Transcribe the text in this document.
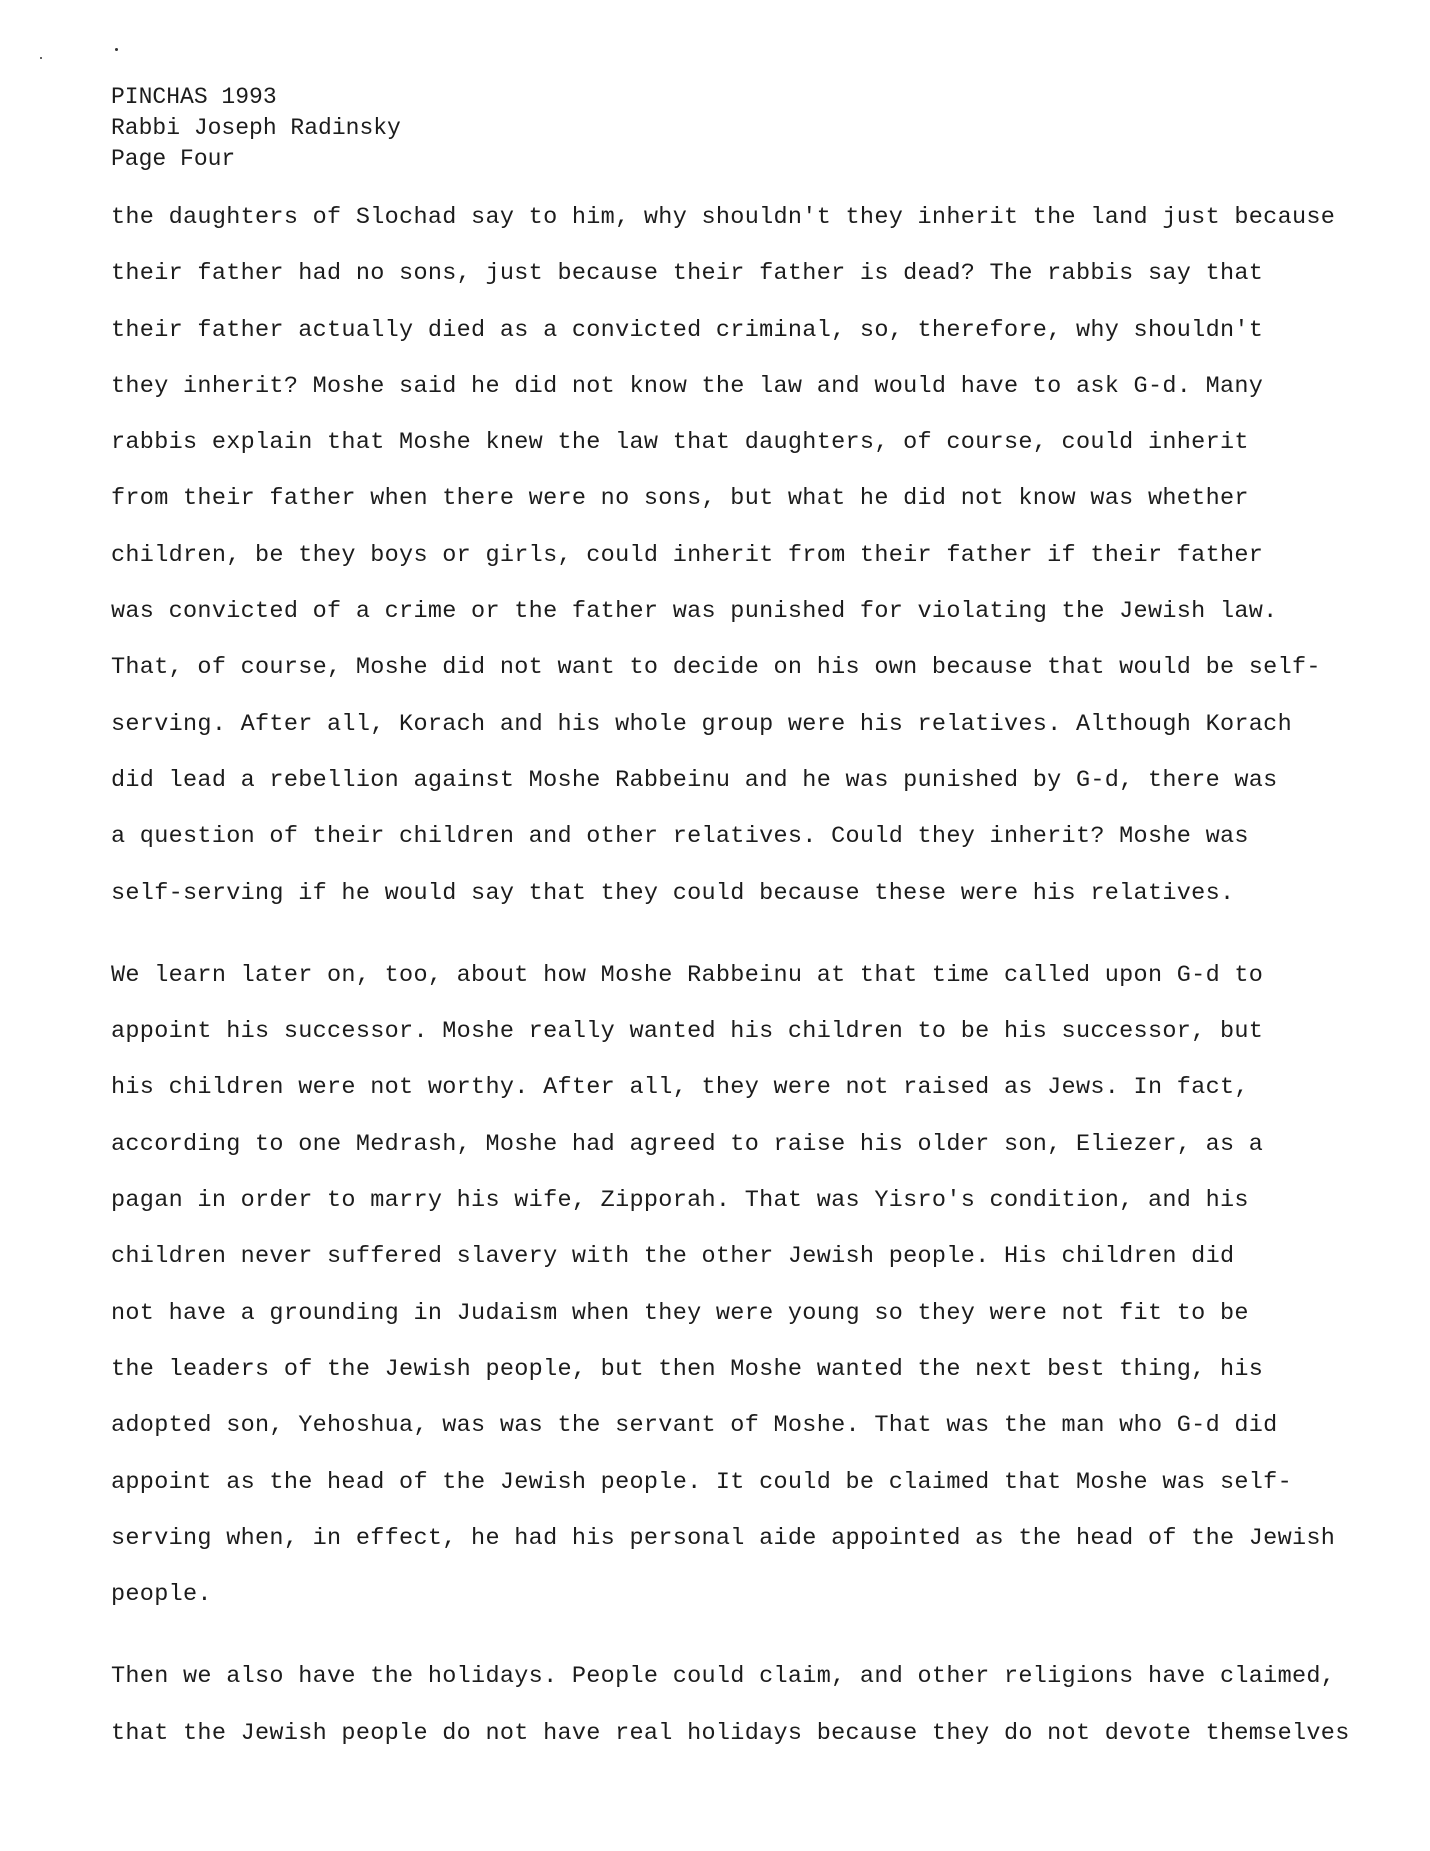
PINCHAS 1993
Rabbi Joseph Radinsky
Page Four
the daughters of Slochad say to him, why shouldn't they inherit the land just because
their father had no sons, just because their father is dead? The rabbis say that
their father actually died as a convicted criminal, so, therefore, why shouldn't
they inherit? Moshe said he did not know the law and would have to ask G-d. Many
rabbis explain that Moshe knew the law that daughters, of course, could inherit
from their father when there were no sons, but what he did not know was whether
children, be they boys or girls, could inherit from their father if their father
was convicted of a crime or the father was punished for violating the Jewish law.
That, of course, Moshe did not want to decide on his own because that would be self-
serving. After all, Korach and his whole group were his relatives. Although Korach
did lead a rebellion against Moshe Rabbeinu and he was punished by G-d, there was
a question of their children and other relatives. Could they inherit? Moshe was
self-serving if he would say that they could because these were his relatives.
We learn later on, too, about how Moshe Rabbeinu at that time called upon G-d to
appoint his successor. Moshe really wanted his children to be his successor, but
his children were not worthy. After all, they were not raised as Jews. In fact,
according to one Medrash, Moshe had agreed to raise his older son, Eliezer, as a
pagan in order to marry his wife, Zipporah. That was Yisro's condition, and his
children never suffered slavery with the other Jewish people. His children did
not have a grounding in Judaism when they were young so they were not fit to be
the leaders of the Jewish people, but then Moshe wanted the next best thing, his
adopted son, Yehoshua, was was the servant of Moshe. That was the man who G-d did
appoint as the head of the Jewish people. It could be claimed that Moshe was self-
serving when, in effect, he had his personal aide appointed as the head of the Jewish
people.
Then we also have the holidays. People could claim, and other religions have claimed,
that the Jewish people do not have real holidays because they do not devote themselves
